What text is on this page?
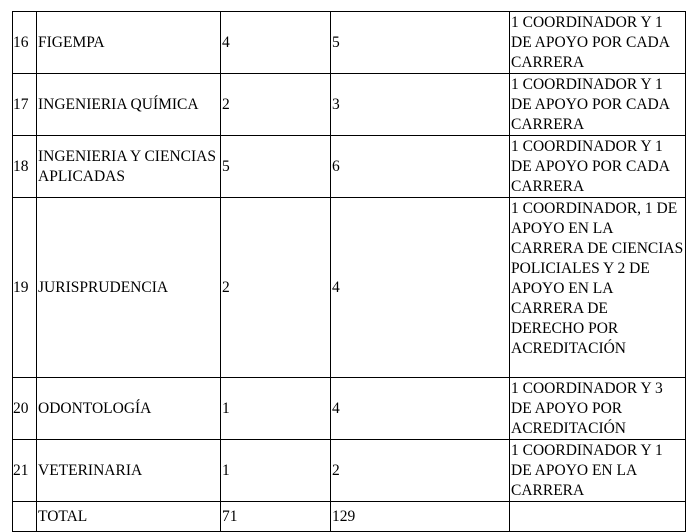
16	FIGEMPA	4	5	1 COORDINADOR Y 1 DE APOYO POR CADA CARRERA
17	INGENIERIA QUÍMICA	2	3	1 COORDINADOR Y 1 DE APOYO POR CADA CARRERA
18	INGENIERIA Y CIENCIAS APLICADAS	5	6	1 COORDINADOR Y 1 DE APOYO POR CADA CARRERA
19	JURISPRUDENCIA	2	4	1 COORDINADOR, 1 DE APOYO EN LA CARRERA DE CIENCIAS POLICIALES Y 2 DE APOYO EN LA CARRERA DE DERECHO POR ACREDITACIÓN
20	ODONTOLOGÍA	1	4	1 COORDINADOR Y 3 DE APOYO POR ACREDITACIÓN
21	VETERINARIA	1	2	1 COORDINADOR Y 1 DE APOYO EN LA CARRERA
	TOTAL	71	129	
